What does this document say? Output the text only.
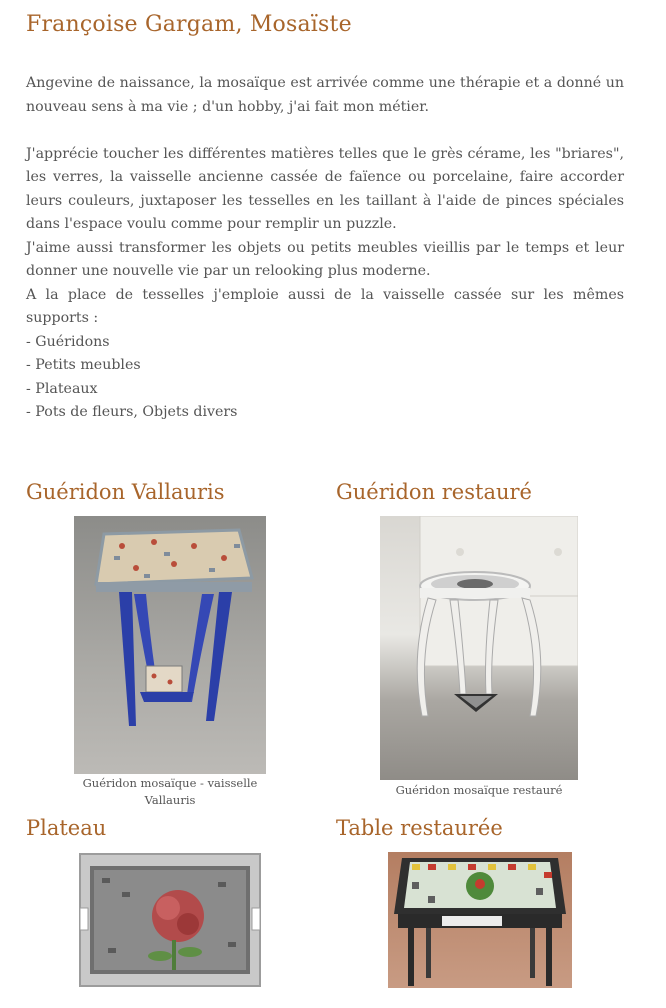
Françoise Gargam, Mosaïste

Angevine de naissance, la mosaïque est arrivée comme une thérapie et a donné un nouveau sens à ma vie ; d'un hobby, j'ai fait mon métier.

J'apprécie toucher les différentes matières telles que le grès cérame, les "briares", les verres, la vaisselle ancienne cassée de faïence ou porcelaine, faire accorder leurs couleurs, juxtaposer les tesselles en les taillant à l'aide de pinces spéciales dans l'espace voulu comme pour remplir un puzzle.

J'aime aussi transformer les objets ou petits meubles vieillis par le temps et leur donner une nouvelle vie par un relooking plus moderne.

A la place de tesselles j'emploie aussi de la vaisselle cassée sur les mêmes supports :

- Guéridons
- Petits meubles
- Plateaux
- Pots de fleurs, Objets divers
Guéridon Vallauris
Guéridon mosaïque - vaisselle Vallauris
Guéridon restauré
Guéridon mosaïque restauré
Plateau	Table restaurée
